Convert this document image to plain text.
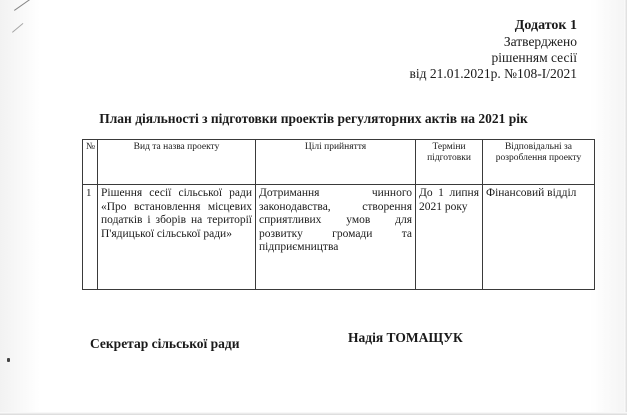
Додаток 1
Затверджено
рішенням сесії
від 21.01.2021р. №108-І/2021
План діяльності з підготовки проектів регуляторних актів на 2021 рік
№	Вид та назва проекту	Цілі прийняття	Терміни підготовки	Відповідальні за розроблення проекту
1	Рішення сесії сільської ради «Про встановлення місцевих податків і зборів на території П'ядицької сільської ради»	Дотримання чинного законодавства, створення сприятливих умов для розвитку громади та підприємництва	До 1 липня 2021 року	Фінансовий відділ
Секретар сільської ради	Надія ТОМАЩУК
